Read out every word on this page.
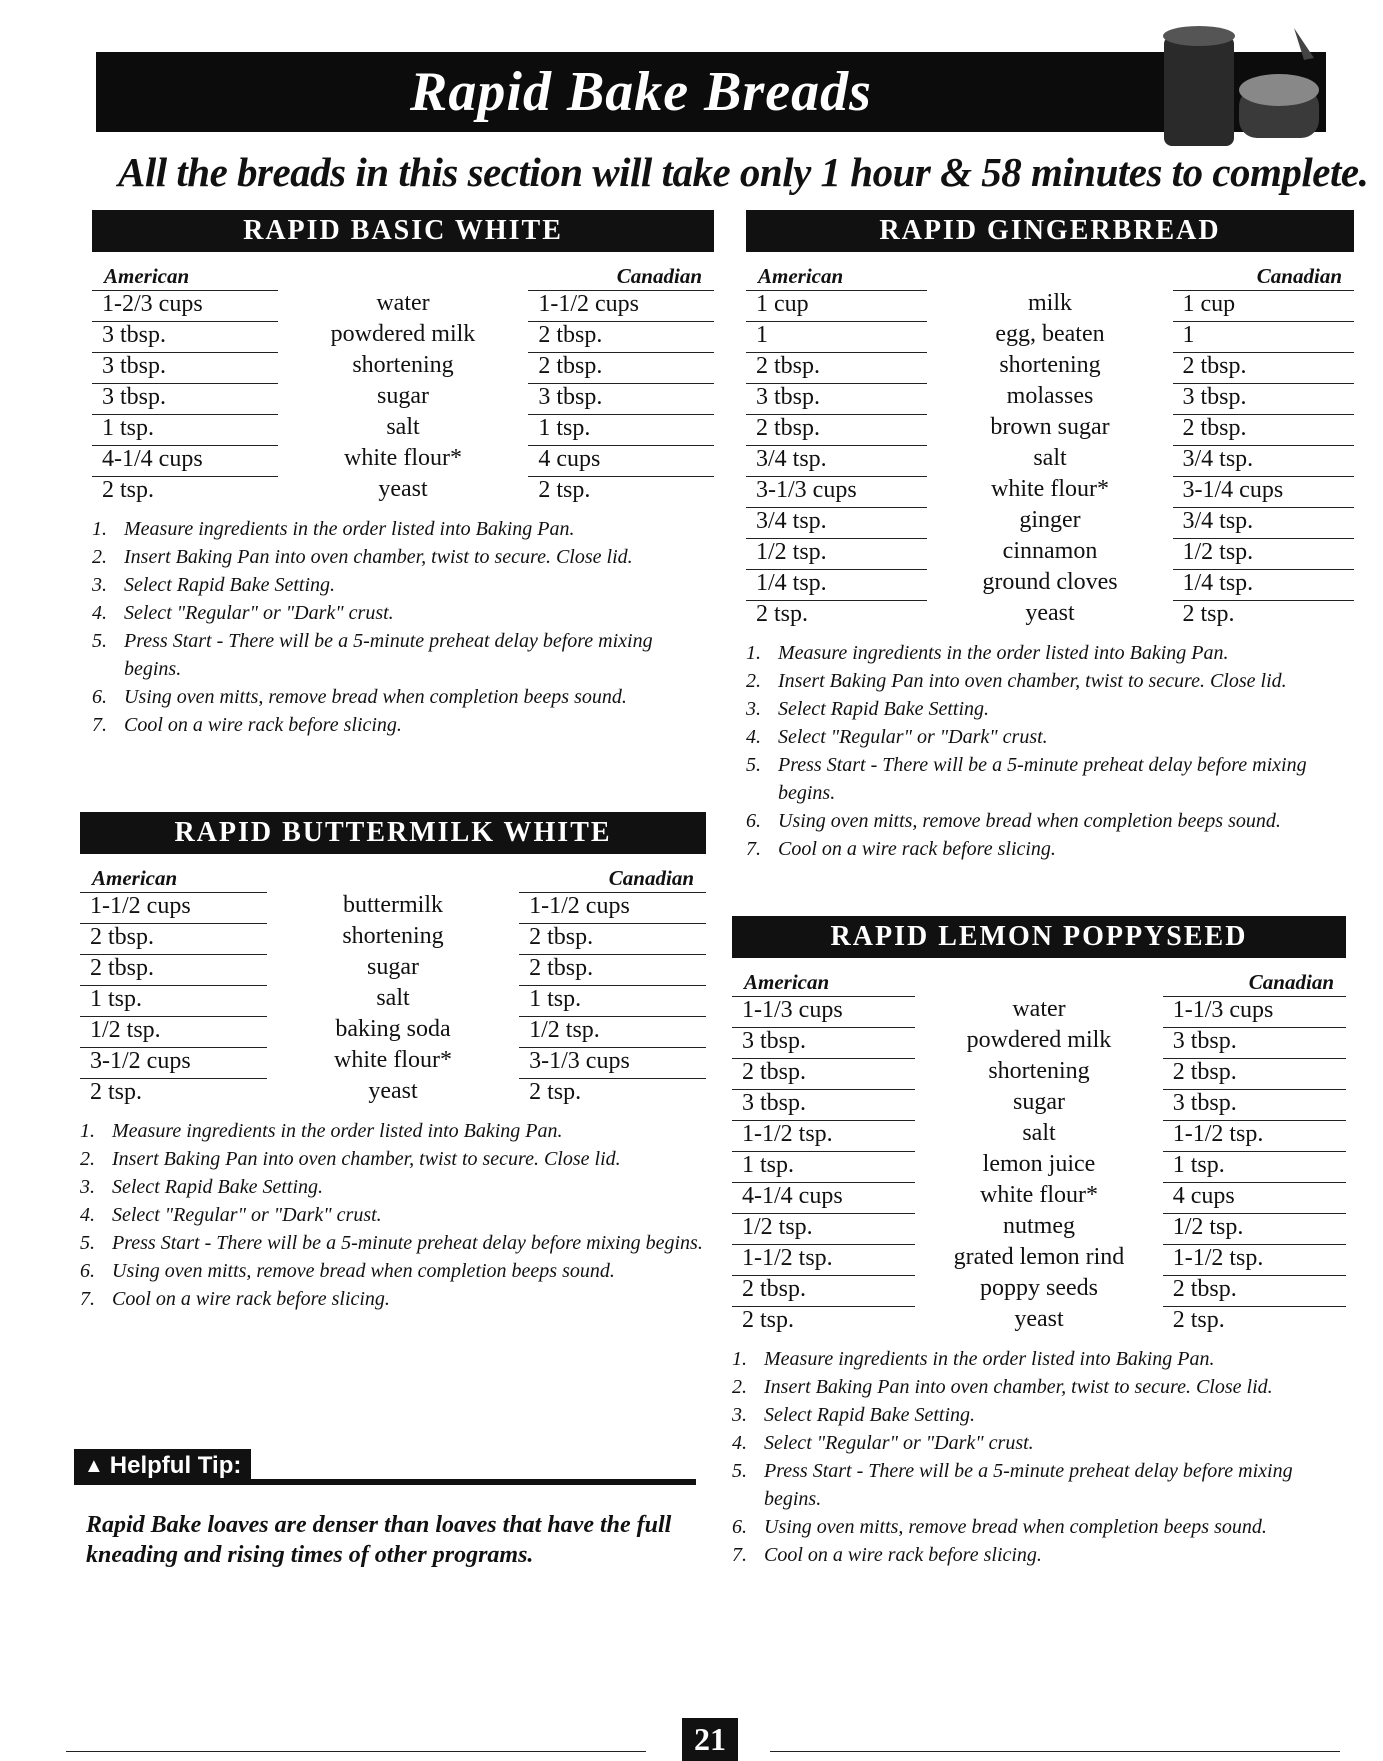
Rapid Bake Breads
All the breads in this section will take only 1 hour & 58 minutes to complete.
RAPID BASIC WHITE
American	Canadian
1-2/3 cups	water	1-1/2 cups
3 tbsp.	powdered milk	2 tbsp.
3 tbsp.	shortening	2 tbsp.
3 tbsp.	sugar	3 tbsp.
1 tsp.	salt	1 tsp.
4-1/4 cups	white flour*	4 cups
2 tsp.	yeast	2 tsp.
1. Measure ingredients in the order listed into Baking Pan.
2. Insert Baking Pan into oven chamber, twist to secure. Close lid.
3. Select Rapid Bake Setting.
4. Select "Regular" or "Dark" crust.
5. Press Start - There will be a 5-minute preheat delay before mixing begins.
6. Using oven mitts, remove bread when completion beeps sound.
7. Cool on a wire rack before slicing.
RAPID BUTTERMILK WHITE
American	Canadian
1-1/2 cups	buttermilk	1-1/2 cups
2 tbsp.	shortening	2 tbsp.
2 tbsp.	sugar	2 tbsp.
1 tsp.	salt	1 tsp.
1/2 tsp.	baking soda	1/2 tsp.
3-1/2 cups	white flour*	3-1/3 cups
2 tsp.	yeast	2 tsp.
1. Measure ingredients in the order listed into Baking Pan.
2. Insert Baking Pan into oven chamber, twist to secure. Close lid.
3. Select Rapid Bake Setting.
4. Select "Regular" or "Dark" crust.
5. Press Start - There will be a 5-minute preheat delay before mixing begins.
6. Using oven mitts, remove bread when completion beeps sound.
7. Cool on a wire rack before slicing.
RAPID GINGERBREAD
American	Canadian
1 cup	milk	1 cup
1	egg, beaten	1
2 tbsp.	shortening	2 tbsp.
3 tbsp.	molasses	3 tbsp.
2 tbsp.	brown sugar	2 tbsp.
3/4 tsp.	salt	3/4 tsp.
3-1/3 cups	white flour*	3-1/4 cups
3/4 tsp.	ginger	3/4 tsp.
1/2 tsp.	cinnamon	1/2 tsp.
1/4 tsp.	ground cloves	1/4 tsp.
2 tsp.	yeast	2 tsp.
1. Measure ingredients in the order listed into Baking Pan.
2. Insert Baking Pan into oven chamber, twist to secure. Close lid.
3. Select Rapid Bake Setting.
4. Select "Regular" or "Dark" crust.
5. Press Start - There will be a 5-minute preheat delay before mixing begins.
6. Using oven mitts, remove bread when completion beeps sound.
7. Cool on a wire rack before slicing.
RAPID LEMON POPPYSEED
American	Canadian
1-1/3 cups	water	1-1/3 cups
3 tbsp.	powdered milk	3 tbsp.
2 tbsp.	shortening	2 tbsp.
3 tbsp.	sugar	3 tbsp.
1-1/2 tsp.	salt	1-1/2 tsp.
1 tsp.	lemon juice	1 tsp.
4-1/4 cups	white flour*	4 cups
1/2 tsp.	nutmeg	1/2 tsp.
1-1/2 tsp.	grated lemon rind	1-1/2 tsp.
2 tbsp.	poppy seeds	2 tbsp.
2 tsp.	yeast	2 tsp.
1. Measure ingredients in the order listed into Baking Pan.
2. Insert Baking Pan into oven chamber, twist to secure. Close lid.
3. Select Rapid Bake Setting.
4. Select "Regular" or "Dark" crust.
5. Press Start - There will be a 5-minute preheat delay before mixing begins.
6. Using oven mitts, remove bread when completion beeps sound.
7. Cool on a wire rack before slicing.
▲ Helpful Tip:
Rapid Bake loaves are denser than loaves that have the full kneading and rising times of other programs.
21
